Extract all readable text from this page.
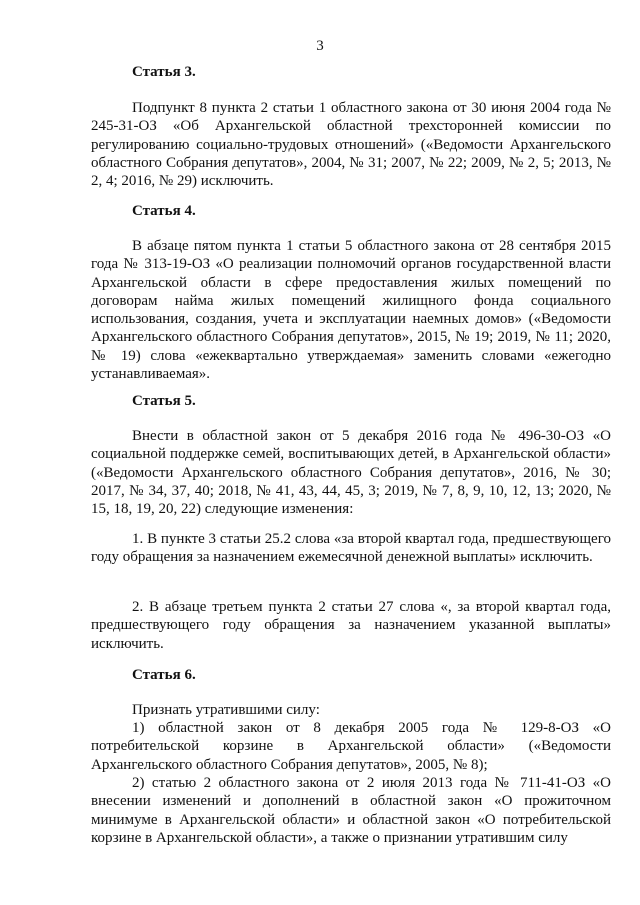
3
Статья 3.

Подпункт 8 пункта 2 статьи 1 областного закона от 30 июня 2004 года № 245-31-ОЗ «Об Архангельской областной трехсторонней комиссии по регулированию социально-трудовых отношений» («Ведомости Архангельского областного Собрания депутатов», 2004, № 31; 2007, № 22; 2009, № 2, 5; 2013, № 2, 4; 2016, № 29) исключить.

Статья 4.

В абзаце пятом пункта 1 статьи 5 областного закона от 28 сентября 2015 года № 313-19-ОЗ «О реализации полномочий органов государственной власти Архангельской области в сфере предоставления жилых помещений по договорам найма жилых помещений жилищного фонда социального использования, создания, учета и эксплуатации наемных домов» («Ведомости Архангельского областного Собрания депутатов», 2015, № 19; 2019, № 11; 2020, № 19) слова «ежеквартально утверждаемая» заменить словами «ежегодно устанавливаемая».

Статья 5.

Внести в областной закон от 5 декабря 2016 года № 496-30-ОЗ «О социальной поддержке семей, воспитывающих детей, в Архангельской области» («Ведомости Архангельского областного Собрания депутатов», 2016, № 30; 2017, № 34, 37, 40; 2018, № 41, 43, 44, 45, 3; 2019, № 7, 8, 9, 10, 12, 13; 2020, № 15, 18, 19, 20, 22) следующие изменения:

1. В пункте 3 статьи 25.2 слова «за второй квартал года, предшествующего году обращения за назначением ежемесячной денежной выплаты» исключить.

2. В абзаце третьем пункта 2 статьи 27 слова «, за второй квартал года, предшествующего году обращения за назначением указанной выплаты» исключить.

Статья 6.

Признать утратившими силу:

1) областной закон от 8 декабря 2005 года № 129-8-ОЗ «О потребительской корзине в Архангельской области» («Ведомости Архангельского областного Собрания депутатов», 2005, № 8);

2) статью 2 областного закона от 2 июля 2013 года № 711-41-ОЗ «О внесении изменений и дополнений в областной закон «О прожиточном минимуме в Архангельской области» и областной закон «О потребительской корзине в Архангельской области», а также о признании утратившим силу
